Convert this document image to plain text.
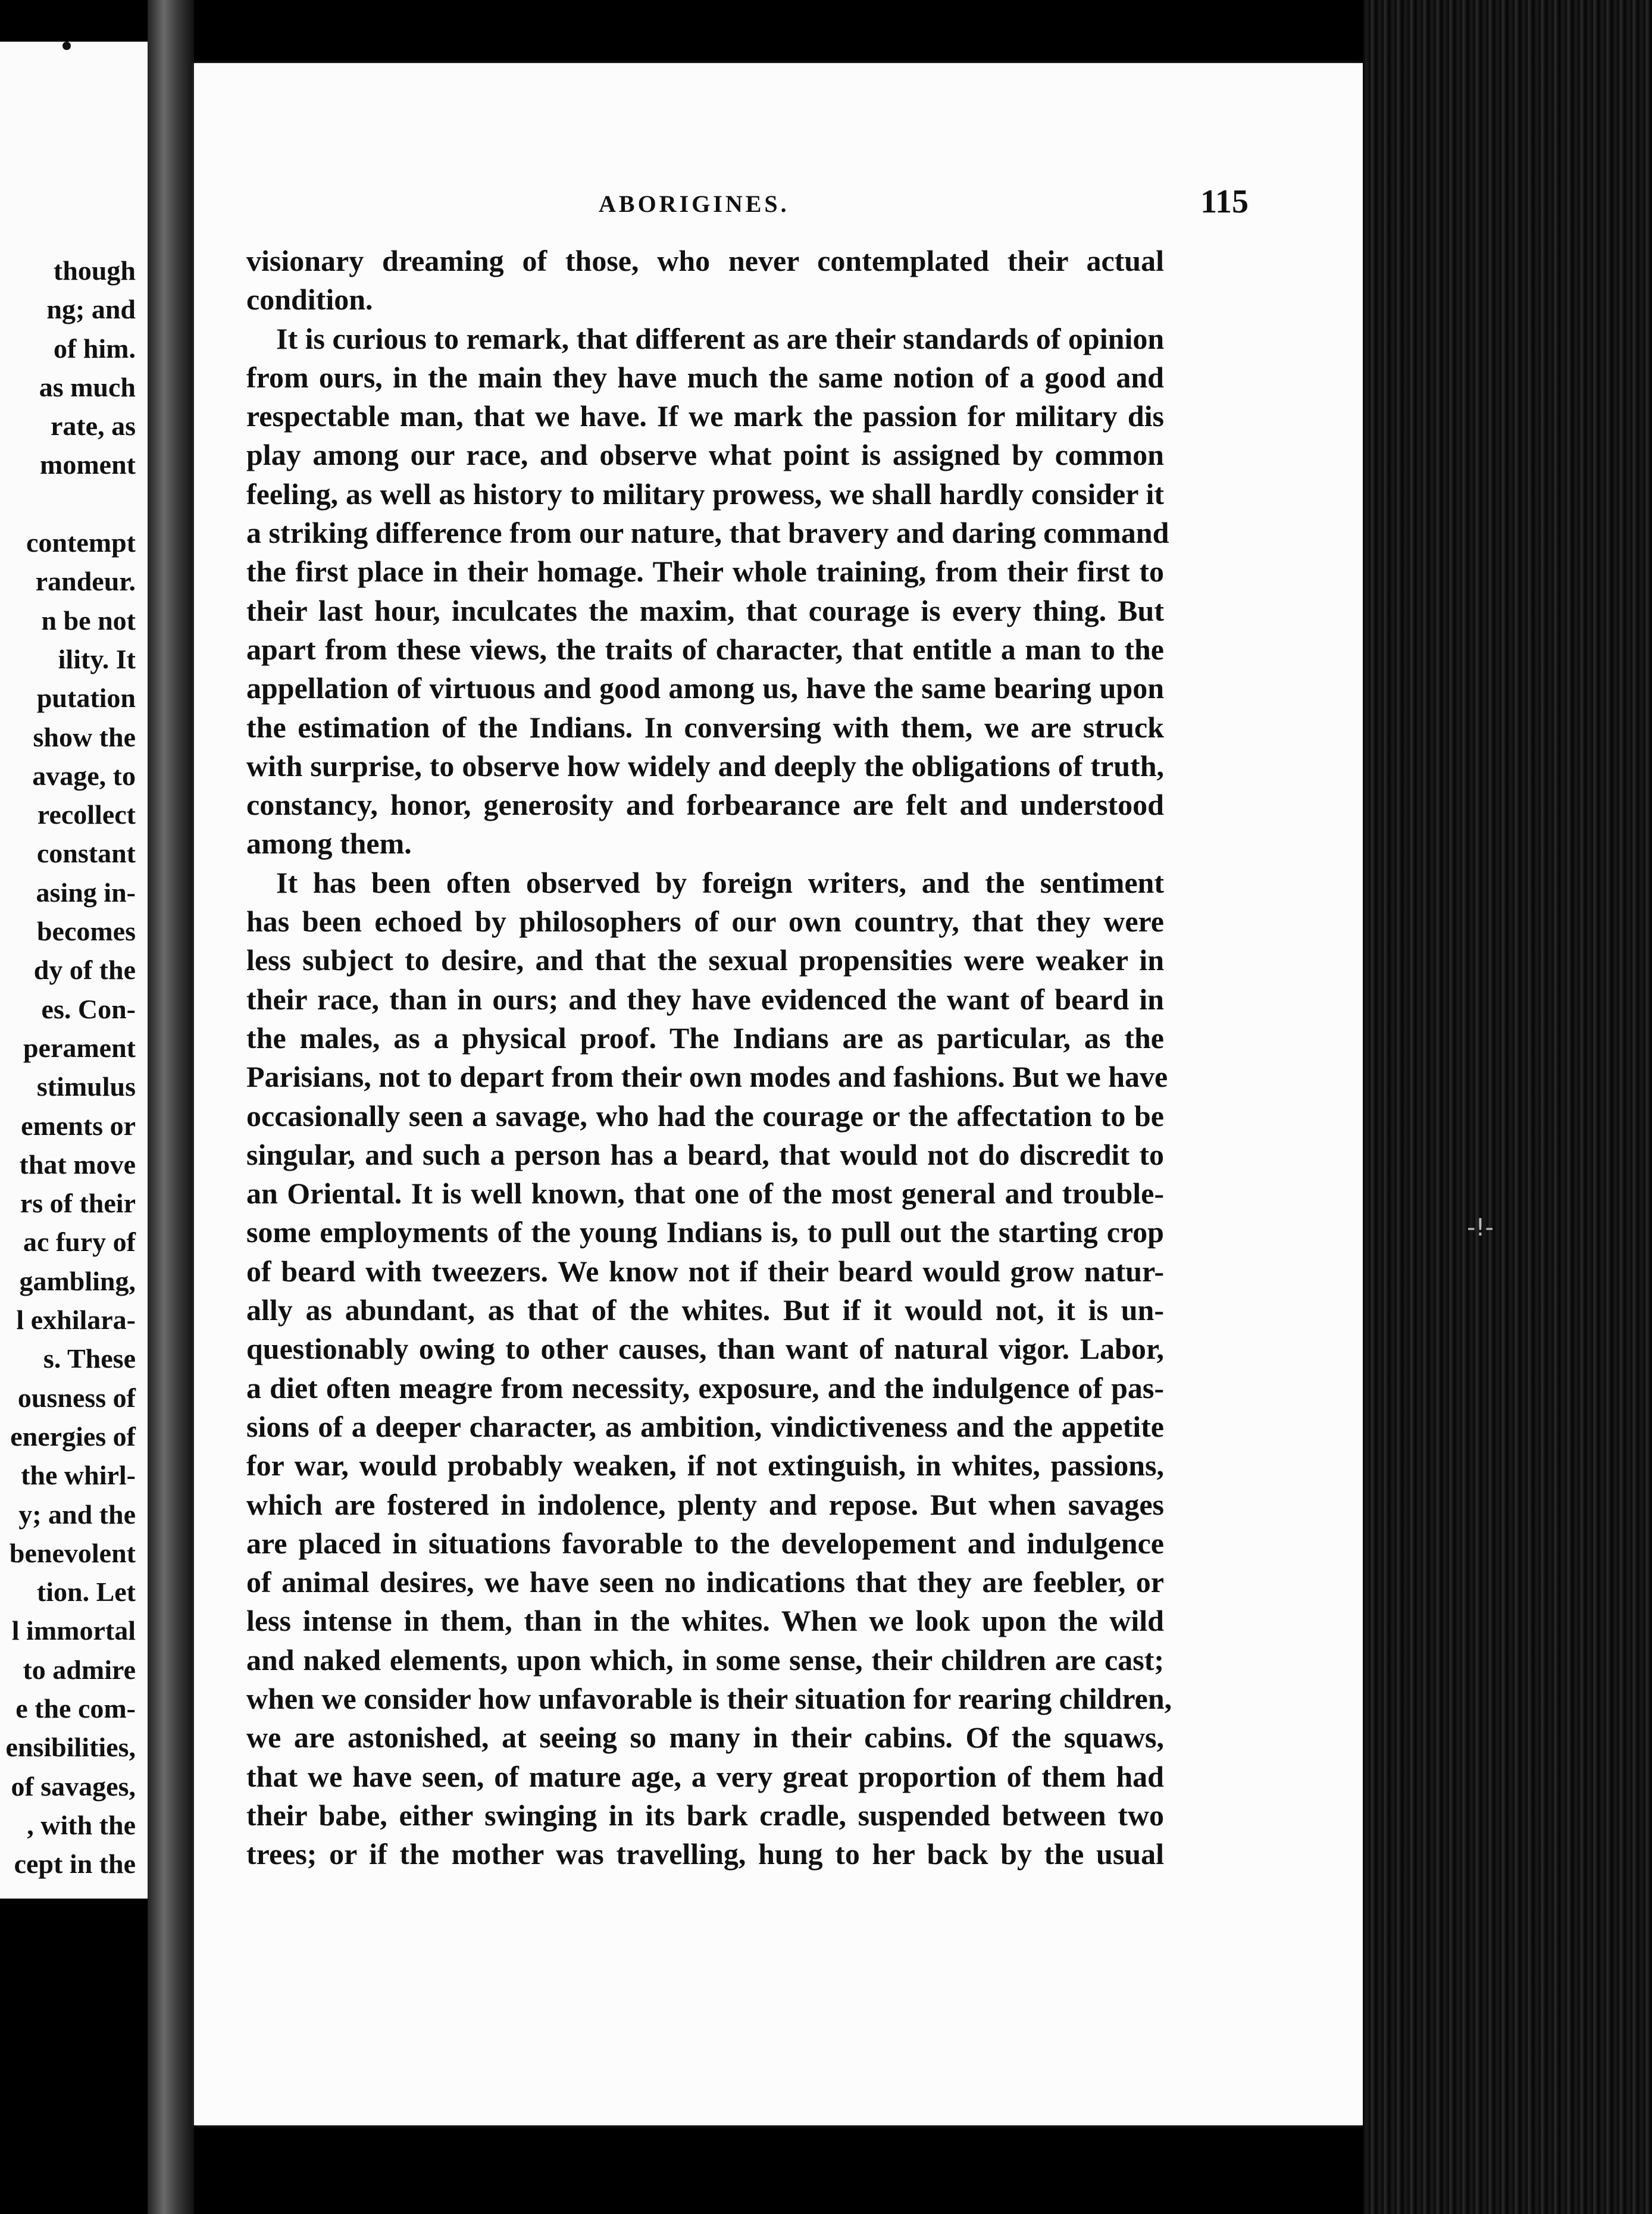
though
ng; and
of him.
as much
rate, as
moment

contempt
randeur.
n be not
ility. It
putation
show the
avage, to
recollect
constant
asing in-
becomes
dy of the
es. Con-
perament
stimulus
ements or
that move
rs of their
ac fury of
gambling,
l exhilara-
s. These
ousness of
energies of
the whirl-
y; and the
benevolent
tion. Let
l immortal
to admire
e the com-
ensibilities,
of savages,
, with the
cept in the
ABORIGINES.	115
visionary dreaming of those, who never contemplated their actual
condition.
It is curious to remark, that different as are their standards of opinion
from ours, in the main they have much the same notion of a good and
respectable man, that we have. If we mark the passion for military dis
play among our race, and observe what point is assigned by common
feeling, as well as history to military prowess, we shall hardly consider it
a striking difference from our nature, that bravery and daring command
the first place in their homage. Their whole training, from their first to
their last hour, inculcates the maxim, that courage is every thing. But
apart from these views, the traits of character, that entitle a man to the
appellation of virtuous and good among us, have the same bearing upon
the estimation of the Indians. In conversing with them, we are struck
with surprise, to observe how widely and deeply the obligations of truth,
constancy, honor, generosity and forbearance are felt and understood
among them.
It has been often observed by foreign writers, and the sentiment
has been echoed by philosophers of our own country, that they were
less subject to desire, and that the sexual propensities were weaker in
their race, than in ours; and they have evidenced the want of beard in
the males, as a physical proof. The Indians are as particular, as the
Parisians, not to depart from their own modes and fashions. But we have
occasionally seen a savage, who had the courage or the affectation to be
singular, and such a person has a beard, that would not do discredit to
an Oriental. It is well known, that one of the most general and trouble-
some employments of the young Indians is, to pull out the starting crop
of beard with tweezers. We know not if their beard would grow natur-
ally as abundant, as that of the whites. But if it would not, it is un-
questionably owing to other causes, than want of natural vigor. Labor,
a diet often meagre from necessity, exposure, and the indulgence of pas-
sions of a deeper character, as ambition, vindictiveness and the appetite
for war, would probably weaken, if not extinguish, in whites, passions,
which are fostered in indolence, plenty and repose. But when savages
are placed in situations favorable to the developement and indulgence
of animal desires, we have seen no indications that they are feebler, or
less intense in them, than in the whites. When we look upon the wild
and naked elements, upon which, in some sense, their children are cast;
when we consider how unfavorable is their situation for rearing children,
we are astonished, at seeing so many in their cabins. Of the squaws,
that we have seen, of mature age, a very great proportion of them had
their babe, either swinging in its bark cradle, suspended between two
trees; or if the mother was travelling, hung to her back by the usual
-!-
